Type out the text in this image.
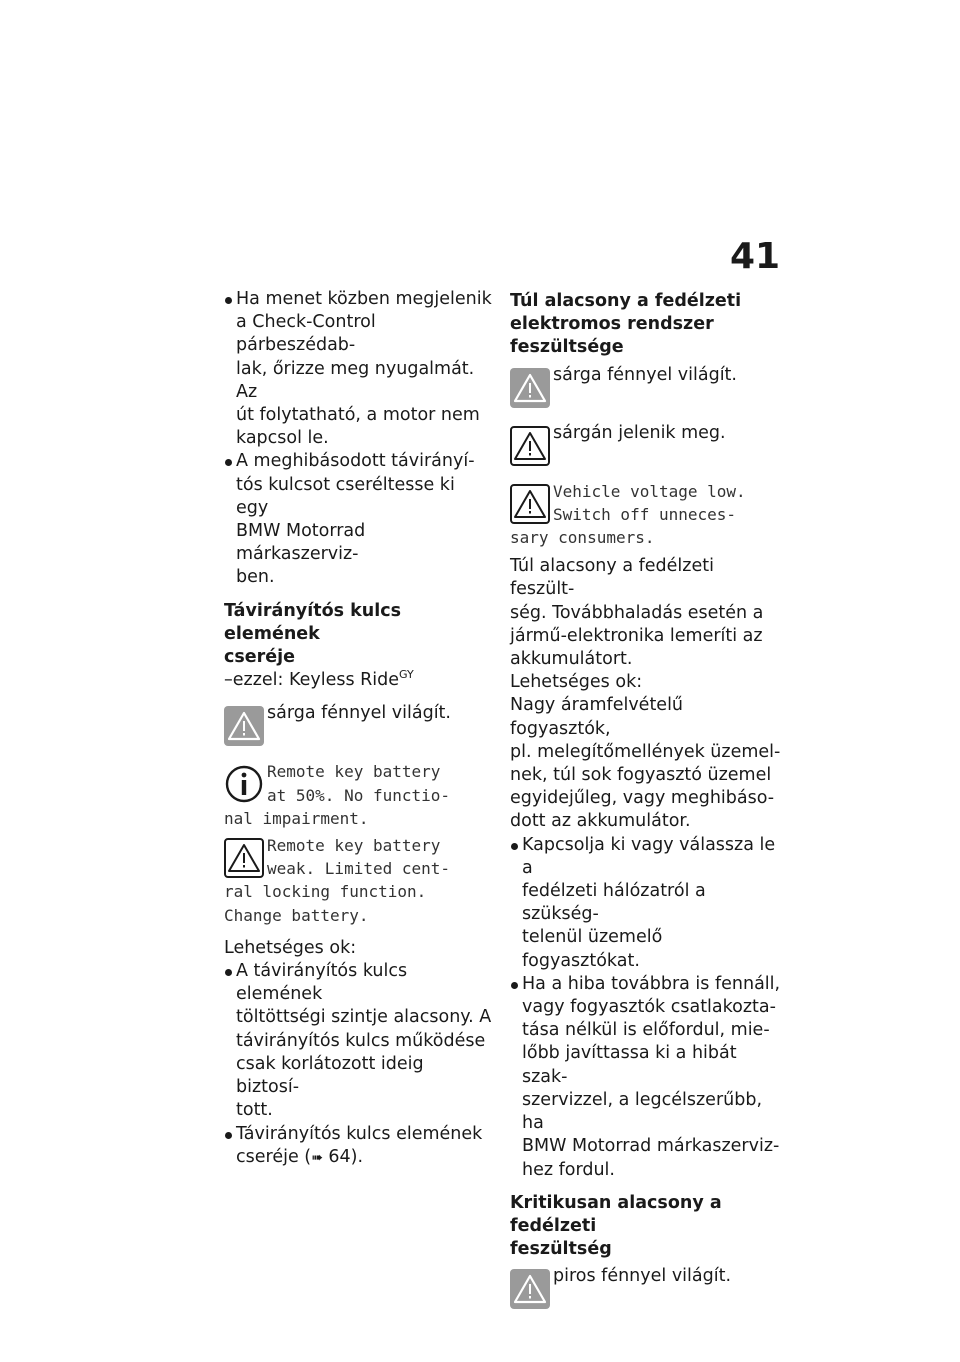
41
Ha menet közben megjelenik
a Check-Control párbeszédab-
lak, őrizze meg nyugalmát. Az
út folytatható, a motor nem
kapcsol le.
A meghibásodott távirányí-
tós kulcsot cseréltesse ki egy
BMW Motorrad márkaszerviz-
ben.
Távirányítós kulcs elemének
cseréje
–ezzel: Keyless Ride$^{GY}$
sárga fénnyel világít.
Remote key battery
at 50%. No functio-
nal impairment.
Remote key battery
weak. Limited cent-
ral locking function.
Change battery.
Lehetséges ok:
A távirányítós kulcs elemének
töltöttségi szintje alacsony. A
távirányítós kulcs működése
csak korlátozott ideig biztosí-
tott.
Távirányítós kulcs elemének
cseréje (➠ 64).
Túl alacsony a fedélzeti
elektromos rendszer
feszültsége
sárga fénnyel világít.
sárgán jelenik meg.
Vehicle voltage low.
Switch off unneces-
sary consumers.
Túl alacsony a fedélzeti feszült-
ség. Továbbhaladás esetén a
jármű-elektronika lemeríti az
akkumulátort.
Lehetséges ok:
Nagy áramfelvételű fogyasztók,
pl. melegítőmellények üzemel-
nek, túl sok fogyasztó üzemel
egyidejűleg, vagy meghibáso-
dott az akkumulátor.
Kapcsolja ki vagy válassza le a
fedélzeti hálózatról a szükség-
telenül üzemelő fogyasztókat.
Ha a hiba továbbra is fennáll,
vagy fogyasztók csatlakozta-
tása nélkül is előfordul, mie-
lőbb javíttassa ki a hibát szak-
szervizzel, a legcélszerűbb, ha
BMW Motorrad márkaszerviz-
hez fordul.
Kritikusan alacsony a fedélzeti
feszültség
piros fénnyel világít.
